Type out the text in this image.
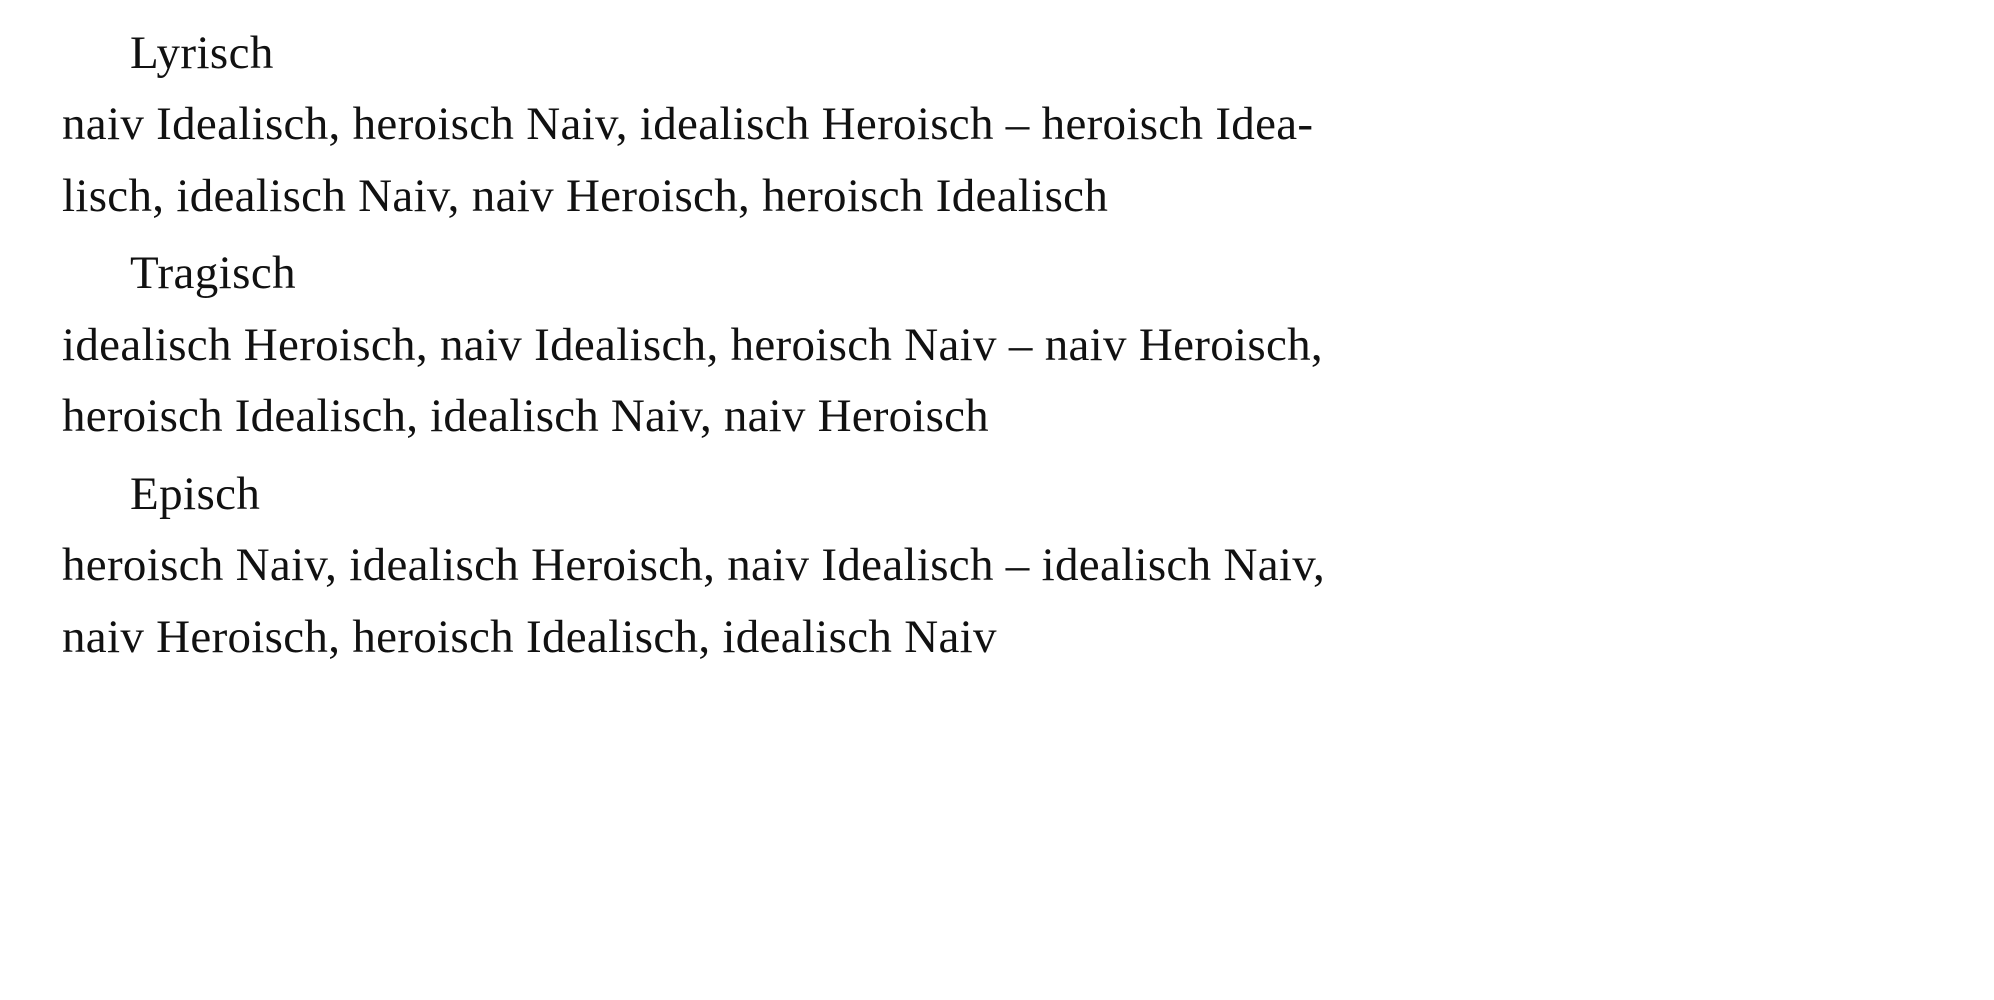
Lyrisch
naiv Idealisch, heroisch Naiv, idealisch Heroisch – heroisch Idea-
lisch, idealisch Naiv, naiv Heroisch, heroisch Idealisch
Tragisch
idealisch Heroisch, naiv Idealisch, heroisch Naiv – naiv Heroisch,
heroisch Idealisch, idealisch Naiv, naiv Heroisch
Episch
heroisch Naiv, idealisch Heroisch, naiv Idealisch – idealisch Naiv,
naiv Heroisch, heroisch Idealisch, idealisch Naiv
